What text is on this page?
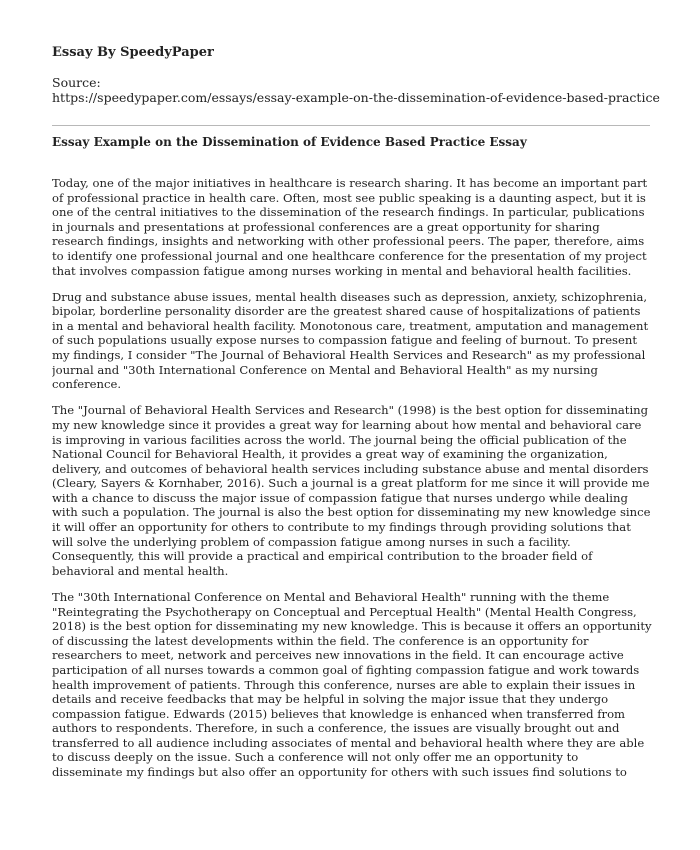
Essay By SpeedyPaper
Source:
https://speedypaper.com/essays/essay-example-on-the-dissemination-of-evidence-based-practice
Essay Example on the Dissemination of Evidence Based Practice Essay

Today, one of the major initiatives in healthcare is research sharing. It has become an important part of professional practice in health care. Often, most see public speaking is a daunting aspect, but it is one of the central initiatives to the dissemination of the research findings. In particular, publications in journals and presentations at professional conferences are a great opportunity for sharing research findings, insights and networking with other professional peers. The paper, therefore, aims to identify one professional journal and one healthcare conference for the presentation of my project that involves compassion fatigue among nurses working in mental and behavioral health facilities.

Drug and substance abuse issues, mental health diseases such as depression, anxiety, schizophrenia, bipolar, borderline personality disorder are the greatest shared cause of hospitalizations of patients in a mental and behavioral health facility. Monotonous care, treatment, amputation and management of such populations usually expose nurses to compassion fatigue and feeling of burnout. To present my findings, I consider "The Journal of Behavioral Health Services and Research" as my professional journal and "30th International Conference on Mental and Behavioral Health" as my nursing conference.

The "Journal of Behavioral Health Services and Research" (1998) is the best option for disseminating my new knowledge since it provides a great way for learning about how mental and behavioral care is improving in various facilities across the world. The journal being the official publication of the National Council for Behavioral Health, it provides a great way of examining the organization, delivery, and outcomes of behavioral health services including substance abuse and mental disorders (Cleary, Sayers & Kornhaber, 2016). Such a journal is a great platform for me since it will provide me with a chance to discuss the major issue of compassion fatigue that nurses undergo while dealing with such a population. The journal is also the best option for disseminating my new knowledge since it will offer an opportunity for others to contribute to my findings through providing solutions that will solve the underlying problem of compassion fatigue among nurses in such a facility. Consequently, this will provide a practical and empirical contribution to the broader field of behavioral and mental health.

The "30th International Conference on Mental and Behavioral Health" running with the theme "Reintegrating the Psychotherapy on Conceptual and Perceptual Health" (Mental Health Congress, 2018) is the best option for disseminating my new knowledge. This is because it offers an opportunity of discussing the latest developments within the field. The conference is an opportunity for researchers to meet, network and perceives new innovations in the field. It can encourage active participation of all nurses towards a common goal of fighting compassion fatigue and work towards health improvement of patients. Through this conference, nurses are able to explain their issues in details and receive feedbacks that may be helpful in solving the major issue that they undergo compassion fatigue. Edwards (2015) believes that knowledge is enhanced when transferred from authors to respondents. Therefore, in such a conference, the issues are visually brought out and transferred to all audience including associates of mental and behavioral health where they are able to discuss deeply on the issue. Such a conference will not only offer me an opportunity to disseminate my findings but also offer an opportunity for others with such issues find solutions to
